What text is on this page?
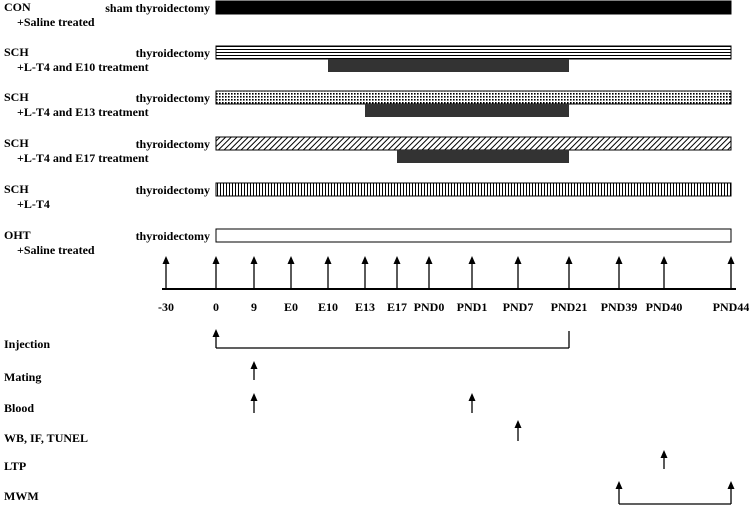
CON
+Saline treated
sham thyroidectomy
SCH
+L-T4 and E10 treatment
thyroidectomy
SCH
+L-T4 and E13 treatment
thyroidectomy
SCH
+L-T4 and E17 treatment
thyroidectomy
SCH
+L-T4
thyroidectomy
OHT
+Saline treated
thyroidectomy
-30	0	9 E0 E10 E13 E17 PND0 PND1 PND7 PND21 PND39 PND40	PND44
Injection
Mating
Blood
WB, IF, TUNEL
LTP
MWM
